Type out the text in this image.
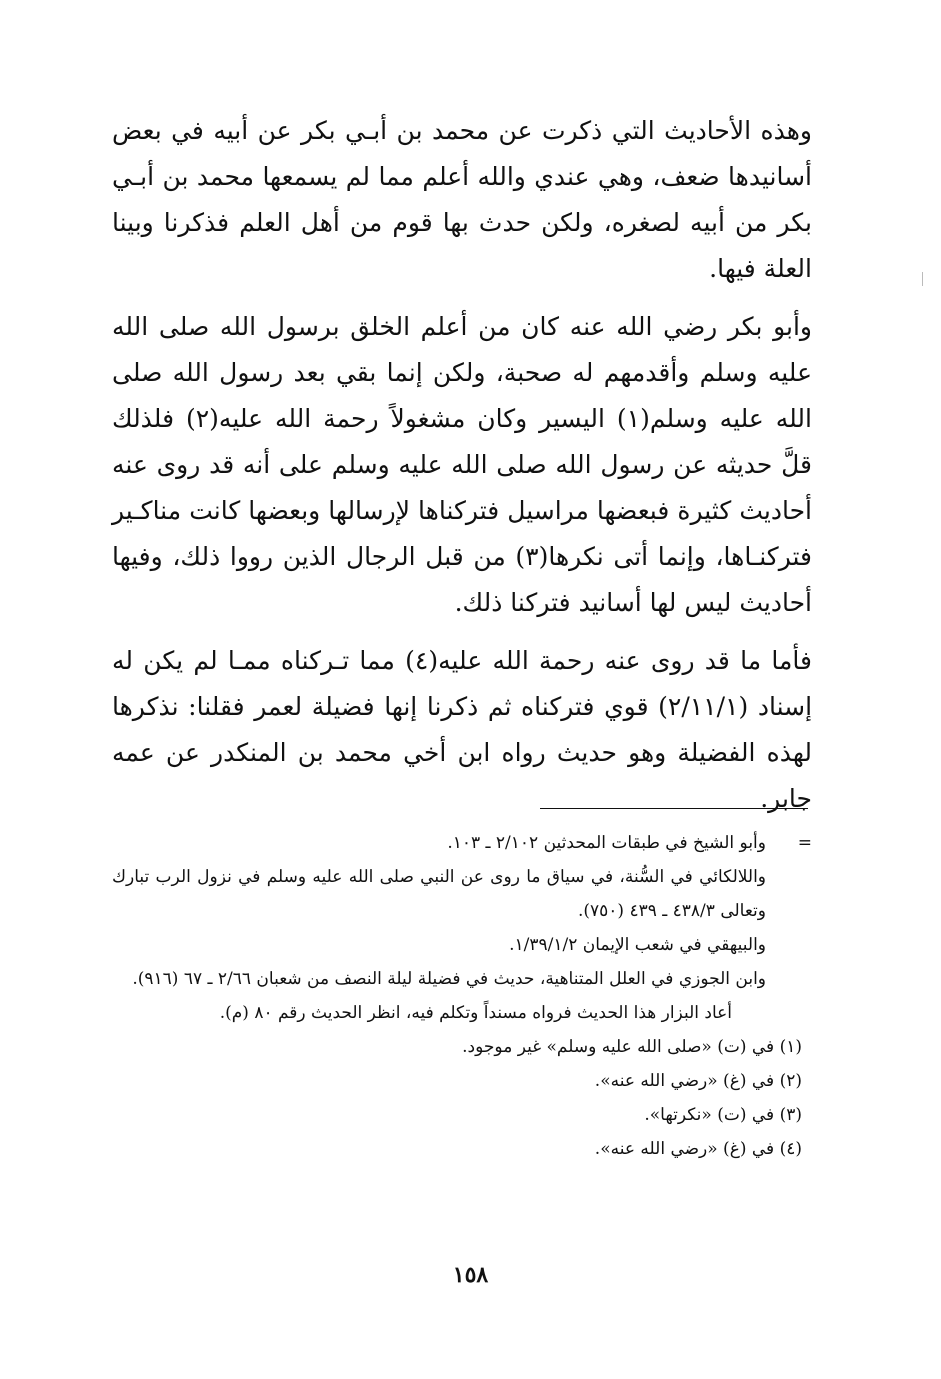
وهذه الأحاديث التي ذكرت عن محمد بن أبـي بكر عن أبيه في بعض أسانيدها ضعف، وهي عندي والله أعلم مما لم يسمعها محمد بن أبـي بكر من أبيه لصغره، ولكن حدث بها قوم من أهل العلم فذكرنا وبينا العلة فيها.

وأبو بكر رضي الله عنه كان من أعلم الخلق برسول الله صلى الله عليه وسلم وأقدمهم له صحبة، ولكن إنما بقي بعد رسول الله صلى الله عليه وسلم(١) اليسير وكان مشغولاً رحمة الله عليه(٢) فلذلك قلَّ حديثه عن رسول الله صلى الله عليه وسلم على أنه قد روى عنه أحاديث كثيرة فبعضها مراسيل فتركناها لإرسالها وبعضها كانت مناكـير فتركنـاها، وإنما أتى نكرها(٣) من قبل الرجال الذين رووا ذلك، وفيها أحاديث ليس لها أسانيد فتركنا ذلك.

فأما ما قد روى عنه رحمة الله عليه(٤) مما تـركناه ممـا لم يكن له إسناد (٢/١١/١) قوي فتركناه ثم ذكرنا إنها فضيلة لعمر فقلنا: نذكرها لهذه الفضيلة وهو حديث رواه ابن أخي محمد بن المنكدر عن عمه جابر.

=وأبو الشيخ في طبقات المحدثين ٢/١٠٢ ـ ١٠٣.

واللالكائي في السُّنة، في سياق ما روى عن النبي صلى الله عليه وسلم في نزول الرب تبارك وتعالى ٤٣٨/٣ ـ ٤٣٩ (٧٥٠).

والبيهقي في شعب الإيمان ١/٣٩/١/٢.

وابن الجوزي في العلل المتناهية، حديث في فضيلة ليلة النصف من شعبان ٢/٦٦ ـ ٦٧ (٩١٦).

أعاد البزار هذا الحديث فرواه مسنداً وتكلم فيه، انظر الحديث رقم ٨٠ (م).

(١) في (ت) «صلى الله عليه وسلم» غير موجود.

(٢) في (غ) «رضي الله عنه».

(٣) في (ت) «نكرتها».

(٤) في (غ) «رضي الله عنه».

١٥٨
